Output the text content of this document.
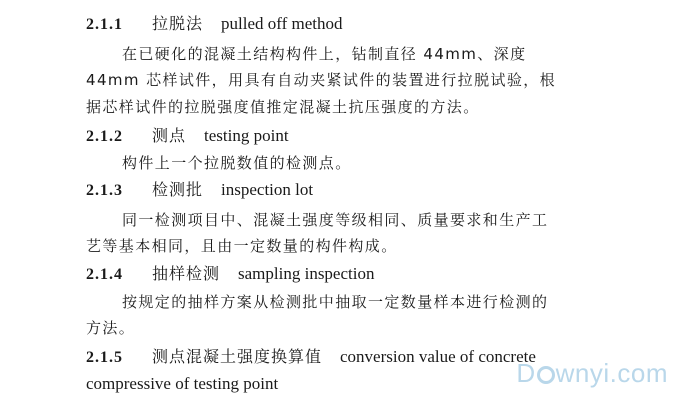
2.1.1 拉脱法 pulled off method
在已硬化的混凝土结构构件上，钻制直径 44mm、深度
44mm 芯样试件，用具有自动夹紧试件的装置进行拉脱试验，根
据芯样试件的拉脱强度值推定混凝土抗压强度的方法。
2.1.2 测点 testing point
构件上一个拉脱数值的检测点。
2.1.3 检测批 inspection lot
同一检测项目中、混凝土强度等级相同、质量要求和生产工
艺等基本相同，且由一定数量的构件构成。
2.1.4 抽样检测 sampling inspection
按规定的抽样方案从检测批中抽取一定数量样本进行检测的
方法。
2.1.5 测点混凝土强度换算值 conversion value of concrete
compressive of testing point	D wnyi.com
